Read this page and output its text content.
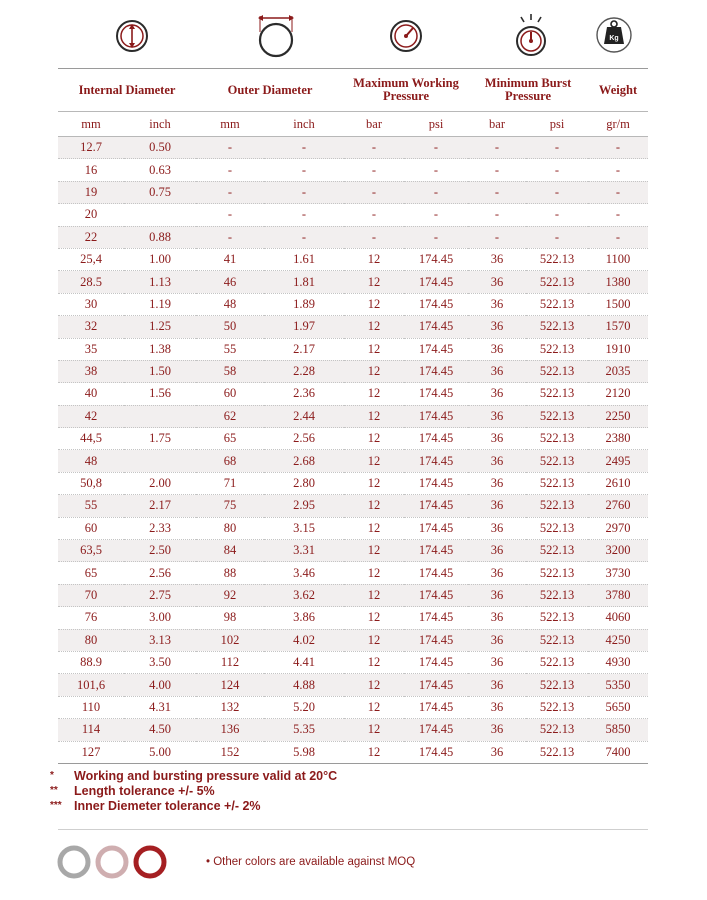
Kg
Internal Diameter		Outer Diameter		Maximum Working Pressure		Minimum Burst Pressure		Weight
mm	inch	mm	inch	bar	psi	bar	psi	gr/m
12.7	0.50	-	-	-	-	-	-	-
16	0.63	-	-	-	-	-	-	-
19	0.75	-	-	-	-	-	-	-
20		-	-	-	-	-	-	-
22	0.88	-	-	-	-	-	-	-
25,4	1.00	41	1.61	12	174.45	36	522.13	1100
28.5	1.13	46	1.81	12	174.45	36	522.13	1380
30	1.19	48	1.89	12	174.45	36	522.13	1500
32	1.25	50	1.97	12	174.45	36	522.13	1570
35	1.38	55	2.17	12	174.45	36	522.13	1910
38	1.50	58	2.28	12	174.45	36	522.13	2035
40	1.56	60	2.36	12	174.45	36	522.13	2120
42		62	2.44	12	174.45	36	522.13	2250
44,5	1.75	65	2.56	12	174.45	36	522.13	2380
48		68	2.68	12	174.45	36	522.13	2495
50,8	2.00	71	2.80	12	174.45	36	522.13	2610
55	2.17	75	2.95	12	174.45	36	522.13	2760
60	2.33	80	3.15	12	174.45	36	522.13	2970
63,5	2.50	84	3.31	12	174.45	36	522.13	3200
65	2.56	88	3.46	12	174.45	36	522.13	3730
70	2.75	92	3.62	12	174.45	36	522.13	3780
76	3.00	98	3.86	12	174.45	36	522.13	4060
80	3.13	102	4.02	12	174.45	36	522.13	4250
88.9	3.50	112	4.41	12	174.45	36	522.13	4930
101,6	4.00	124	4.88	12	174.45	36	522.13	5350
110	4.31	132	5.20	12	174.45	36	522.13	5650
114	4.50	136	5.35	12	174.45	36	522.13	5850
127	5.00	152	5.98	12	174.45	36	522.13	7400
*	Working and bursting pressure valid at 20°C
**	Length tolerance +/- 5%
*** Inner Diemeter tolerance +/- 2%
• Other colors are available against MOQ
